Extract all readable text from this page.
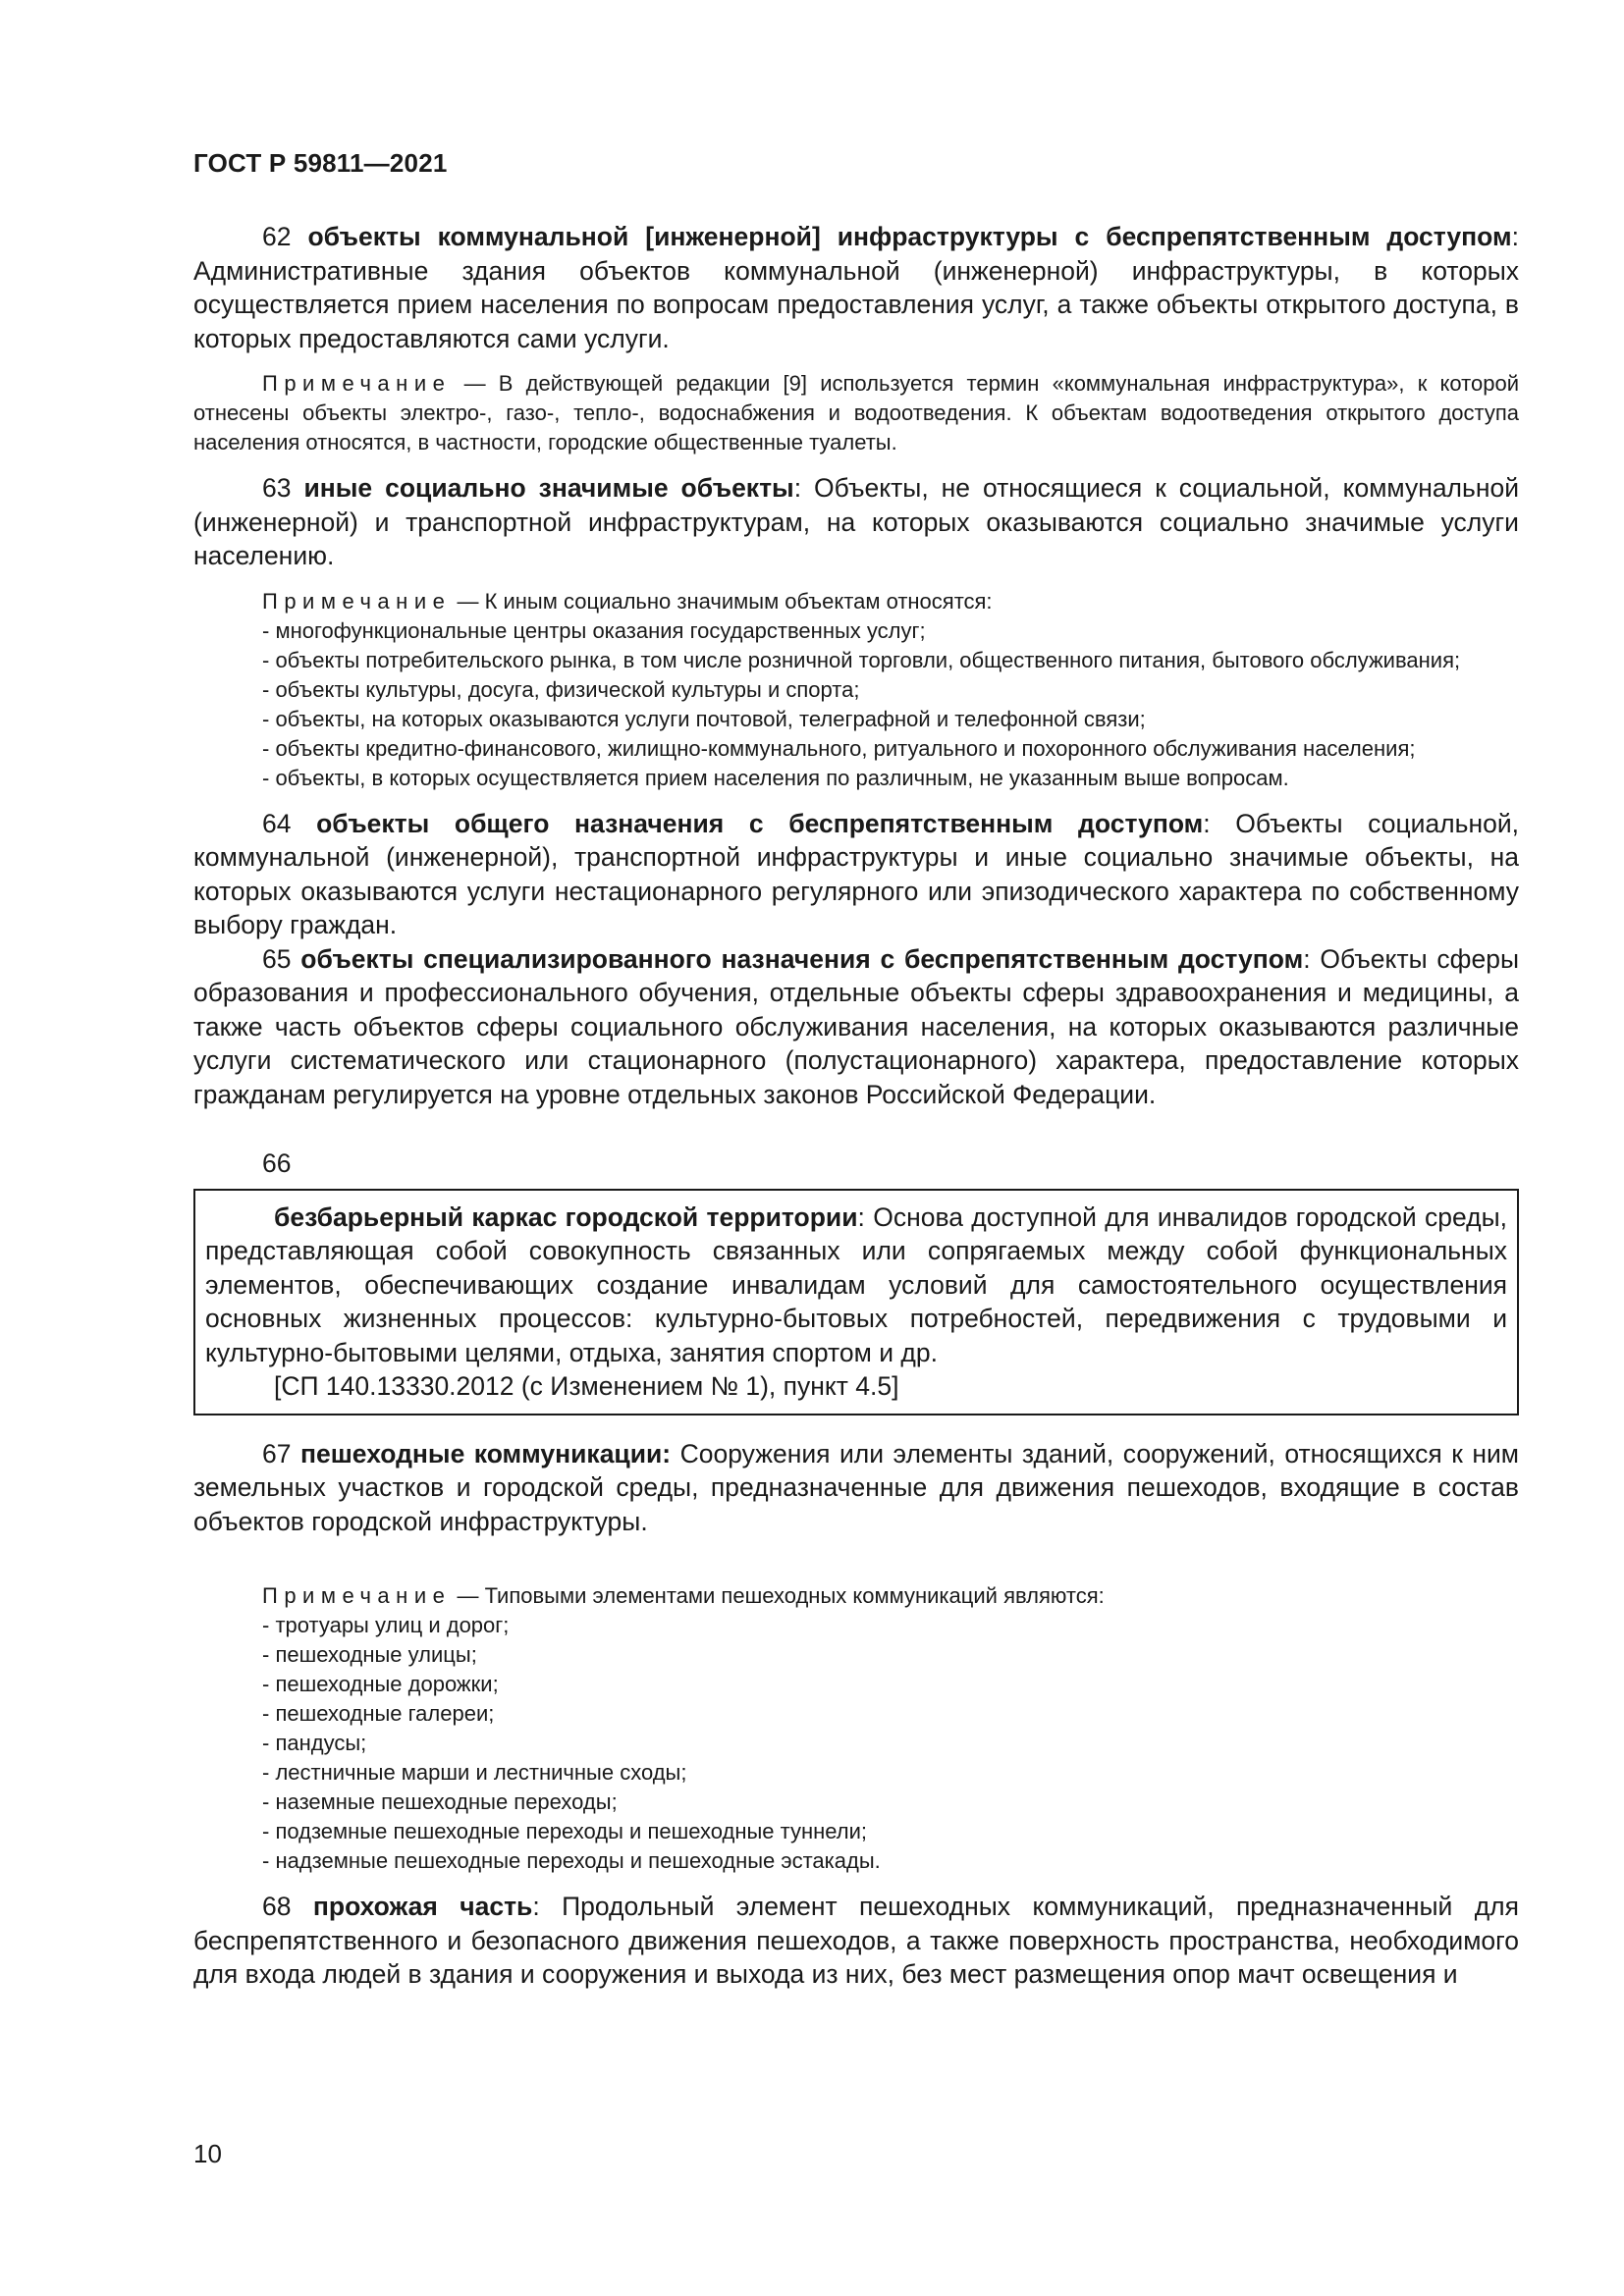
ГОСТ Р 59811—2021

62 объекты коммунальной [инженерной] инфраструктуры с беспрепятственным доступом: Административные здания объектов коммунальной (инженерной) инфраструктуры, в которых осуществляется прием населения по вопросам предоставления услуг, а также объекты открытого доступа, в которых предоставляются сами услуги.

Примечание — В действующей редакции [9] используется термин «коммунальная инфраструктура», к которой отнесены объекты электро-, газо-, тепло-, водоснабжения и водоотведения. К объектам водоотведения открытого доступа населения относятся, в частности, городские общественные туалеты.

63 иные социально значимые объекты: Объекты, не относящиеся к социальной, коммунальной (инженерной) и транспортной инфраструктурам, на которых оказываются социально значимые услуги населению.

Примечание — К иным социально значимым объектам относятся:
- многофункциональные центры оказания государственных услуг;
- объекты потребительского рынка, в том числе розничной торговли, общественного питания, бытового обслуживания;
- объекты культуры, досуга, физической культуры и спорта;
- объекты, на которых оказываются услуги почтовой, телеграфной и телефонной связи;
- объекты кредитно-финансового, жилищно-коммунального, ритуального и похоронного обслуживания населения;
- объекты, в которых осуществляется прием населения по различным, не указанным выше вопросам.

64 объекты общего назначения с беспрепятственным доступом: Объекты социальной, коммунальной (инженерной), транспортной инфраструктуры и иные социально значимые объекты, на которых оказываются услуги нестационарного регулярного или эпизодического характера по собственному выбору граждан.

65 объекты специализированного назначения с беспрепятственным доступом: Объекты сферы образования и профессионального обучения, отдельные объекты сферы здравоохранения и медицины, а также часть объектов сферы социального обслуживания населения, на которых оказываются различные услуги систематического или стационарного (полустационарного) характера, предоставление которых гражданам регулируется на уровне отдельных законов Российской Федерации.

66

безбарьерный каркас городской территории: Основа доступной для инвалидов городской среды, представляющая собой совокупность связанных или сопрягаемых между собой функциональных элементов, обеспечивающих создание инвалидам условий для самостоятельного осуществления основных жизненных процессов: культурно-бытовых потребностей, передвижения с трудовыми и культурно-бытовыми целями, отдыха, занятия спортом и др.

[СП 140.13330.2012 (с Изменением № 1), пункт 4.5]

67 пешеходные коммуникации: Сооружения или элементы зданий, сооружений, относящихся к ним земельных участков и городской среды, предназначенные для движения пешеходов, входящие в состав объектов городской инфраструктуры.

Примечание — Типовыми элементами пешеходных коммуникаций являются:
- тротуары улиц и дорог;
- пешеходные улицы;
- пешеходные дорожки;
- пешеходные галереи;
- пандусы;
- лестничные марши и лестничные сходы;
- наземные пешеходные переходы;
- подземные пешеходные переходы и пешеходные туннели;
- надземные пешеходные переходы и пешеходные эстакады.

68 прохожая часть: Продольный элемент пешеходных коммуникаций, предназначенный для беспрепятственного и безопасного движения пешеходов, а также поверхность пространства, необходимого для входа людей в здания и сооружения и выхода из них, без мест размещения опор мачт освещения и

10
